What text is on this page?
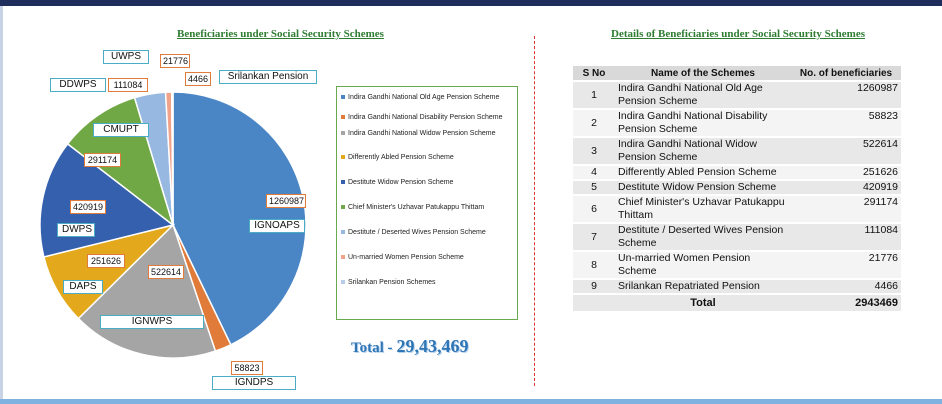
Beneficiaries under Social Security Schemes	Details of Beneficiaries under Social Security Schemes
1260987
IGNOAPS
58823
IGNDPS
522614
IGNWPS
251626
DAPS
420919
DWPS
291174
CMUPT
111084
DDWPS
21776
UWPS
4466	Srilankan Pension
Indira Gandhi National Old Age Pension Scheme
Indira Gandhi National Disability Pension Scheme
Indira Gandhi National Widow Pension Scheme
Differently Abled Pension Scheme
Destitute Widow Pension Scheme
Chief Minister's Uzhavar Patukappu Thittam
Destitute / Deserted Wives Pension Scheme
Un-married Women Pension Scheme
Srilankan Pension Schemes
Total - 29,43,469
S No	Name of the Schemes	No. of beneficiaries
1	Indira Gandhi National Old Age Pension Scheme	1260987
2	Indira Gandhi National Disability Pension Scheme	58823
3	Indira Gandhi National Widow Pension Scheme	522614
4	Differently Abled Pension Scheme	251626
5	Destitute Widow Pension Scheme	420919
6	Chief Minister's Uzhavar Patukappu Thittam	291174
7	Destitute / Deserted Wives Pension Scheme	111084
8	Un-married Women Pension Scheme	21776
9	Srilankan Repatriated Pension	4466
	Total	2943469
